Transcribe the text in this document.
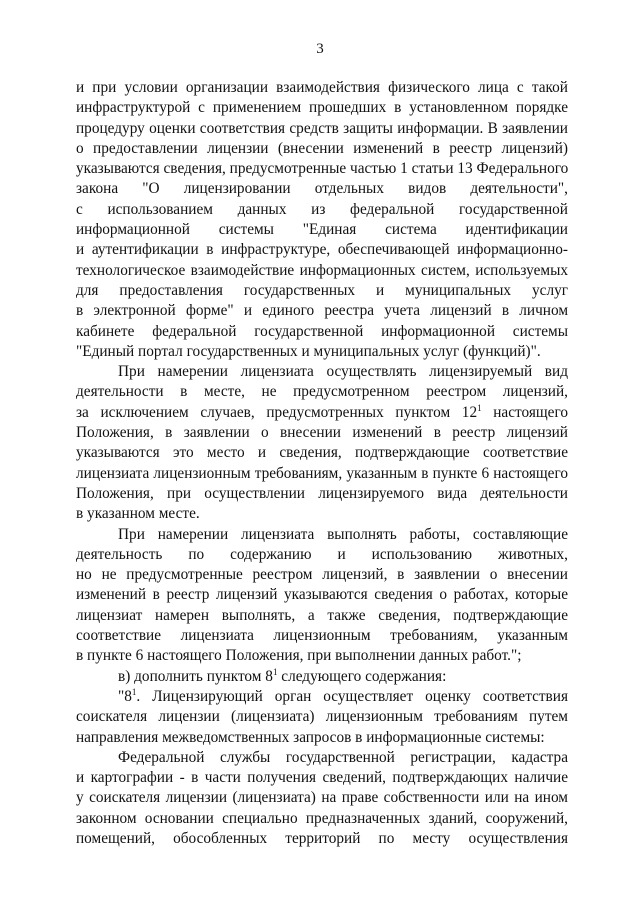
3
и при условии организации взаимодействия физического лица с такой
инфраструктурой с применением прошедших в установленном порядке
процедуру оценки соответствия средств защиты информации. В заявлении
о предоставлении лицензии (внесении изменений в реестр лицензий)
указываются сведения, предусмотренные частью 1 статьи 13 Федерального
закона "О лицензировании отдельных видов деятельности",
с использованием данных из федеральной государственной
информационной системы "Единая система идентификации
и аутентификации в инфраструктуре, обеспечивающей информационно-
технологическое взаимодействие информационных систем, используемых
для предоставления государственных и муниципальных услуг
в электронной форме" и единого реестра учета лицензий в личном
кабинете федеральной государственной информационной системы
"Единый портал государственных и муниципальных услуг (функций)".
При намерении лицензиата осуществлять лицензируемый вид
деятельности в месте, не предусмотренном реестром лицензий,
за исключением случаев, предусмотренных пунктом $12^1$ настоящего
Положения, в заявлении о внесении изменений в реестр лицензий
указываются это место и сведения, подтверждающие соответствие
лицензиата лицензионным требованиям, указанным в пункте 6 настоящего
Положения, при осуществлении лицензируемого вида деятельности
в указанном месте.
При намерении лицензиата выполнять работы, составляющие
деятельность по содержанию и использованию животных,
но не предусмотренные реестром лицензий, в заявлении о внесении
изменений в реестр лицензий указываются сведения о работах, которые
лицензиат намерен выполнять, а также сведения, подтверждающие
соответствие лицензиата лицензионным требованиям, указанным
в пункте 6 настоящего Положения, при выполнении данных работ.";
в) дополнить пунктом $8^1$ следующего содержания:
"$8^1$. Лицензирующий орган осуществляет оценку соответствия
соискателя лицензии (лицензиата) лицензионным требованиям путем
направления межведомственных запросов в информационные системы:
Федеральной службы государственной регистрации, кадастра
и картографии - в части получения сведений, подтверждающих наличие
у соискателя лицензии (лицензиата) на праве собственности или на ином
законном основании специально предназначенных зданий, сооружений,
помещений, обособленных территорий по месту осуществления
